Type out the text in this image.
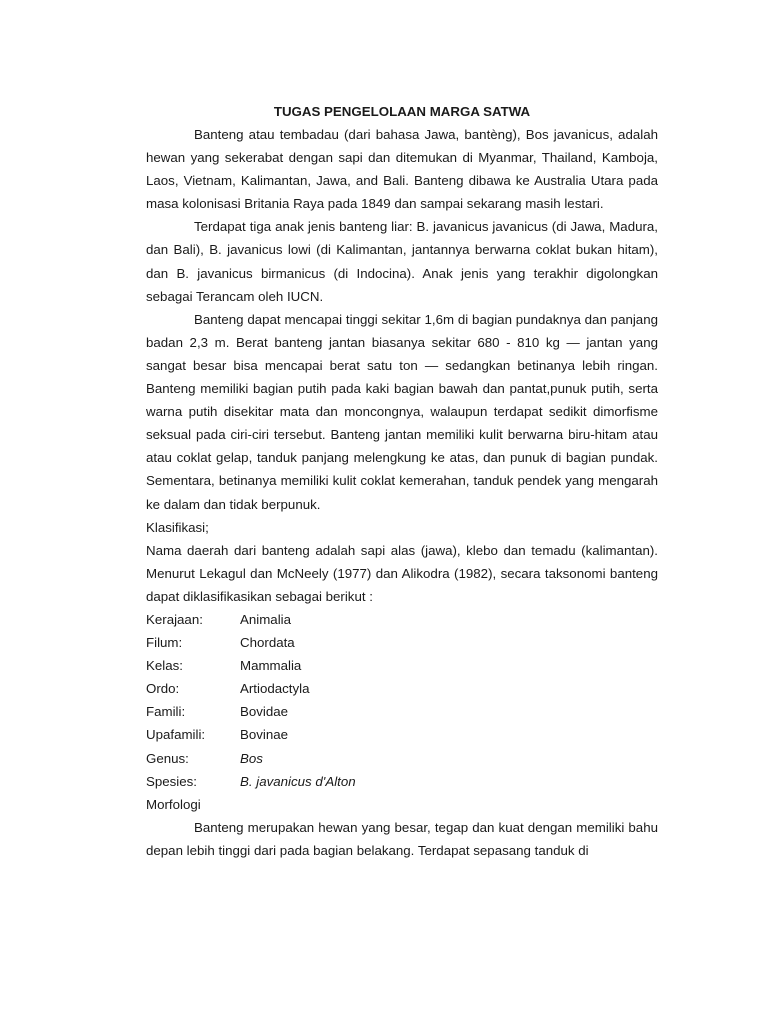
TUGAS PENGELOLAAN MARGA SATWA

Banteng atau tembadau (dari bahasa Jawa, bantèng), Bos javanicus, adalah hewan yang sekerabat dengan sapi dan ditemukan di Myanmar, Thailand, Kamboja, Laos, Vietnam, Kalimantan, Jawa, and Bali. Banteng dibawa ke Australia Utara pada masa kolonisasi Britania Raya pada 1849 dan sampai sekarang masih lestari.

Terdapat tiga anak jenis banteng liar: B. javanicus javanicus (di Jawa, Madura, dan Bali), B. javanicus lowi (di Kalimantan, jantannya berwarna coklat bukan hitam), dan B. javanicus birmanicus (di Indocina). Anak jenis yang terakhir digolongkan sebagai Terancam oleh IUCN.

Banteng dapat mencapai tinggi sekitar 1,6m di bagian pundaknya dan panjang badan 2,3 m. Berat banteng jantan biasanya sekitar 680 - 810 kg — jantan yang sangat besar bisa mencapai berat satu ton — sedangkan betinanya lebih ringan. Banteng memiliki bagian putih pada kaki bagian bawah dan pantat,punuk putih, serta warna putih disekitar mata dan moncongnya, walaupun terdapat sedikit dimorfisme seksual pada ciri-ciri tersebut. Banteng jantan memiliki kulit berwarna biru-hitam atau atau coklat gelap, tanduk panjang melengkung ke atas, dan punuk di bagian pundak. Sementara, betinanya memiliki kulit coklat kemerahan, tanduk pendek yang mengarah ke dalam dan tidak berpunuk.

Klasifikasi;

Nama daerah dari banteng adalah sapi alas (jawa), klebo dan temadu (kalimantan). Menurut Lekagul dan McNeely (1977) dan Alikodra (1982), secara taksonomi banteng dapat diklasifikasikan sebagai berikut :

Kerajaan:	Animalia
Filum:	Chordata
Kelas:	Mammalia
Ordo:	Artiodactyla
Famili:	Bovidae
Upafamili:	Bovinae
Genus:	Bos
Spesies:	B. javanicus d'Alton

Morfologi

Banteng merupakan hewan yang besar, tegap dan kuat dengan memiliki bahu depan lebih tinggi dari pada bagian belakang. Terdapat sepasang tanduk di
